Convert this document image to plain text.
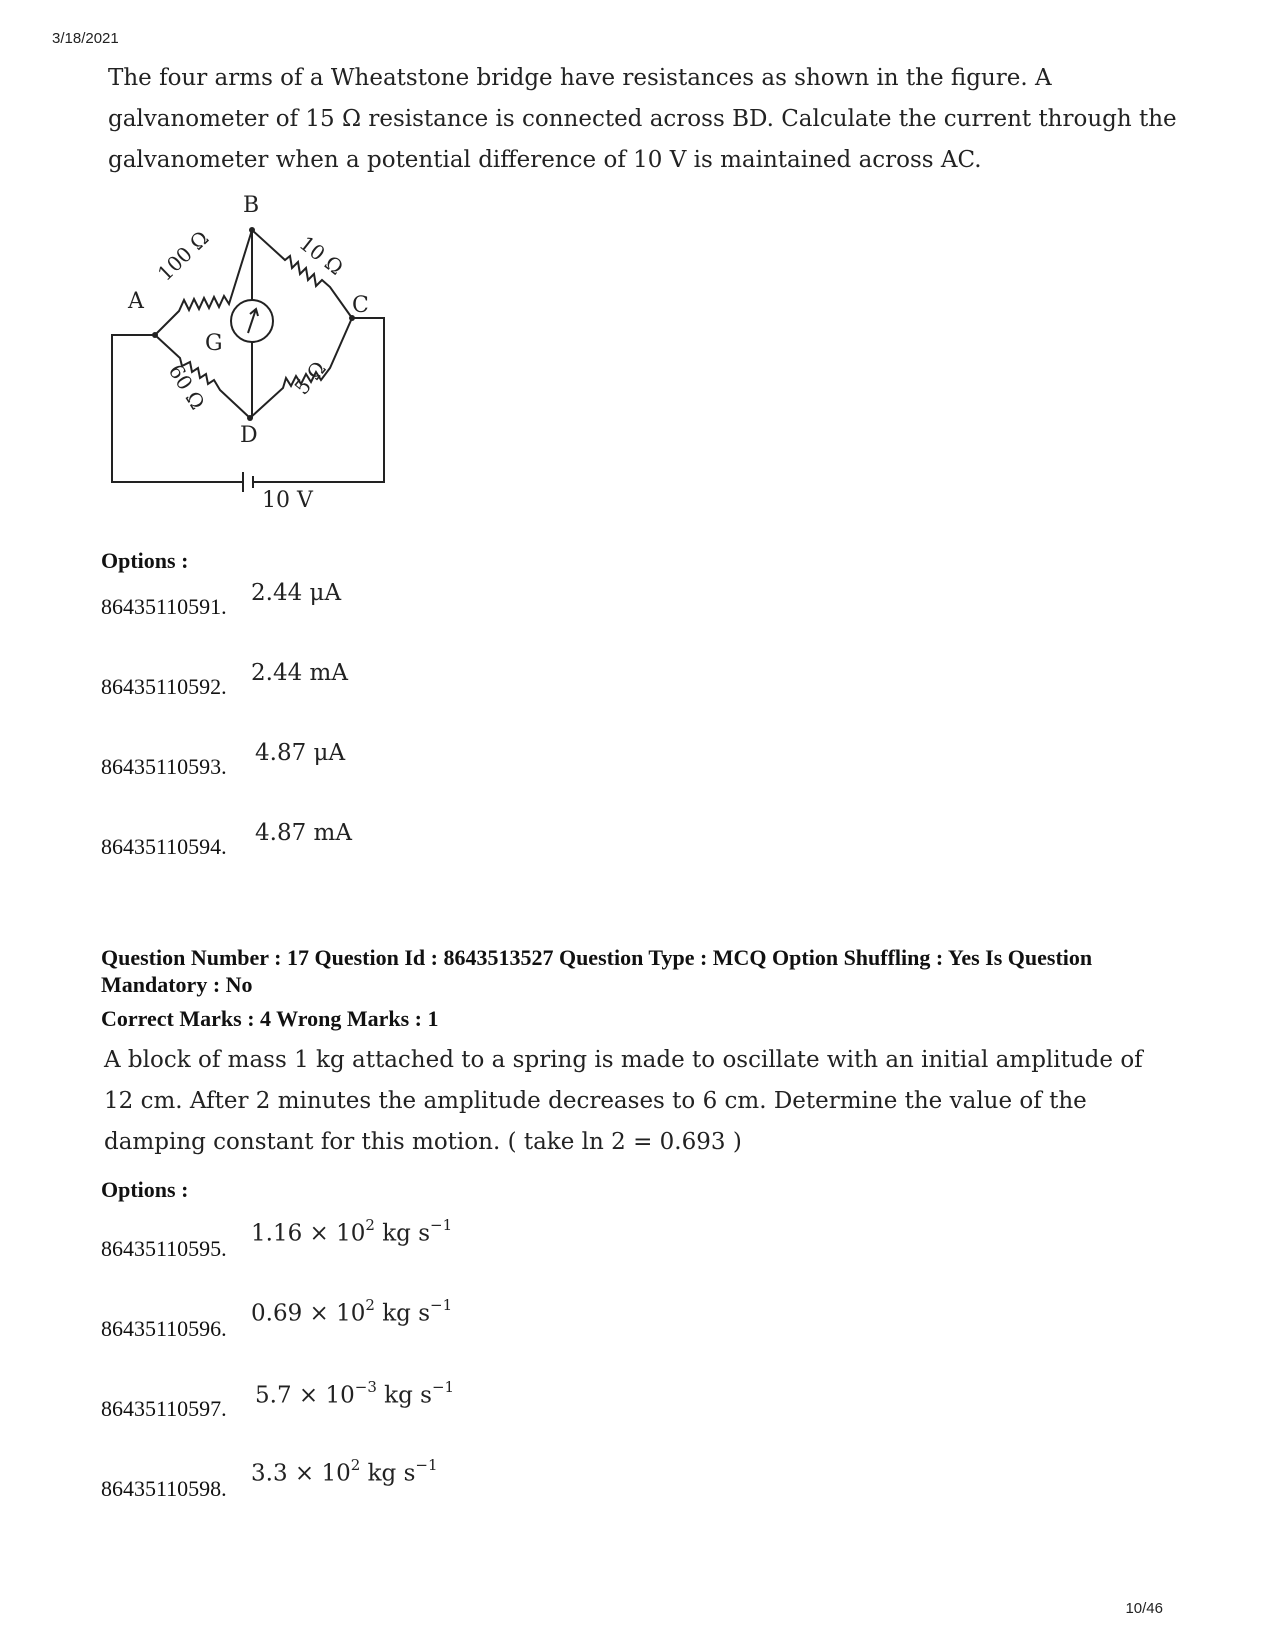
3/18/2021
10/46
The four arms of a Wheatstone bridge have resistances as shown in the figure. A galvanometer of 15 Ω resistance is connected across BD. Calculate the current through the galvanometer when a potential difference of 10 V is maintained across AC.
B
A	C
D
G
10 V
100 Ω	10 Ω
60 Ω	5 Ω
Options :
86435110591.
2.44 μA
86435110592.
2.44 mA
86435110593.
4.87 μA
86435110594.
4.87 mA
Question Number : 17 Question Id : 8643513527 Question Type : MCQ Option Shuffling : Yes Is Question Mandatory : No
Correct Marks : 4 Wrong Marks : 1
A block of mass 1 kg attached to a spring is made to oscillate with an initial amplitude of 12 cm. After 2 minutes the amplitude decreases to 6 cm. Determine the value of the damping constant for this motion. ( take ln 2 = 0.693 )
Options :
86435110595.
$1.16 \times 10^2$ kg $s^{-1}$
86435110596.
$0.69 \times 10^2$ kg $s^{-1}$
86435110597. $5.7 \times 10^{-3}$ kg $s^{-1}$
86435110598.
$3.3 \times 10^2$ kg $s^{-1}$
